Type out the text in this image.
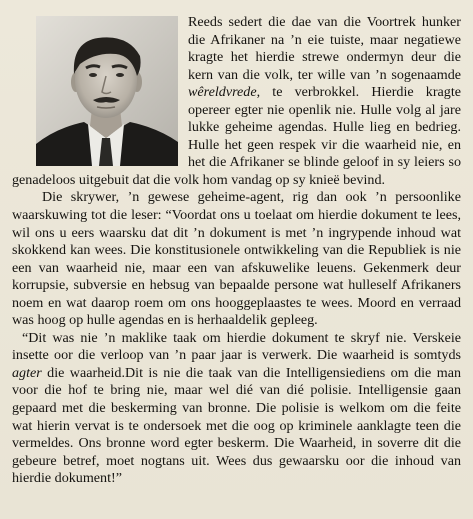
Reeds sedert die dae van die Voortrek hunker die Afrikaner na ’n eie tuiste, maar negatiewe kragte het hierdie strewe ondermyn deur die kern van die volk, ter wille van ’n sogenaamde wêreldvrede, te verbrokkel. Hierdie kragte opereer egter nie openlik nie. Hulle volg al jare lukke geheime agendas. Hulle lieg en bedrieg. Hulle het geen respek vir die waarheid nie, en het die Afrikaner se blinde geloof in sy leiers so genadeloos uitgebuit dat die volk hom vandag op sy knieë bevind.

Die skrywer, ’n gewese geheime-agent, rig dan ook ’n persoonlike waarskuwing tot die leser: “Voordat ons u toelaat om hierdie dokument te lees, wil ons u eers waarsku dat dit ’n dokument is met ’n ingrypende inhoud wat skokkend kan wees. Die konstitusionele ontwikkeling van die Republiek is nie een van waarheid nie, maar een van afskuwelike leuens. Gekenmerk deur korrupsie, subversie en hebsug van bepaalde persone wat hulleself Afrikaners noem en wat daarop roem om ons hooggeplaastes te wees. Moord en verraad was hoog op hulle agendas en is herhaaldelik gepleeg.

“Dit was nie ’n maklike taak om hierdie dokument te skryf nie. Verskeie insette oor die verloop van ’n paar jaar is verwerk. Die waarheid is somtyds agter die waarheid.Dit is nie die taak van die Intelligensiediens om die man voor die hof te bring nie, maar wel dié van dié polisie. Intelligensie gaan gepaard met die beskerming van bronne. Die polisie is welkom om die feite wat hierin vervat is te ondersoek met die oog op kriminele aanklagte teen die vermeldes. Ons bronne word egter beskerm. Die Waarheid, in soverre dit die gebeure betref, moet nogtans uit. Wees dus gewaarsku oor die inhoud van hierdie dokument!”
